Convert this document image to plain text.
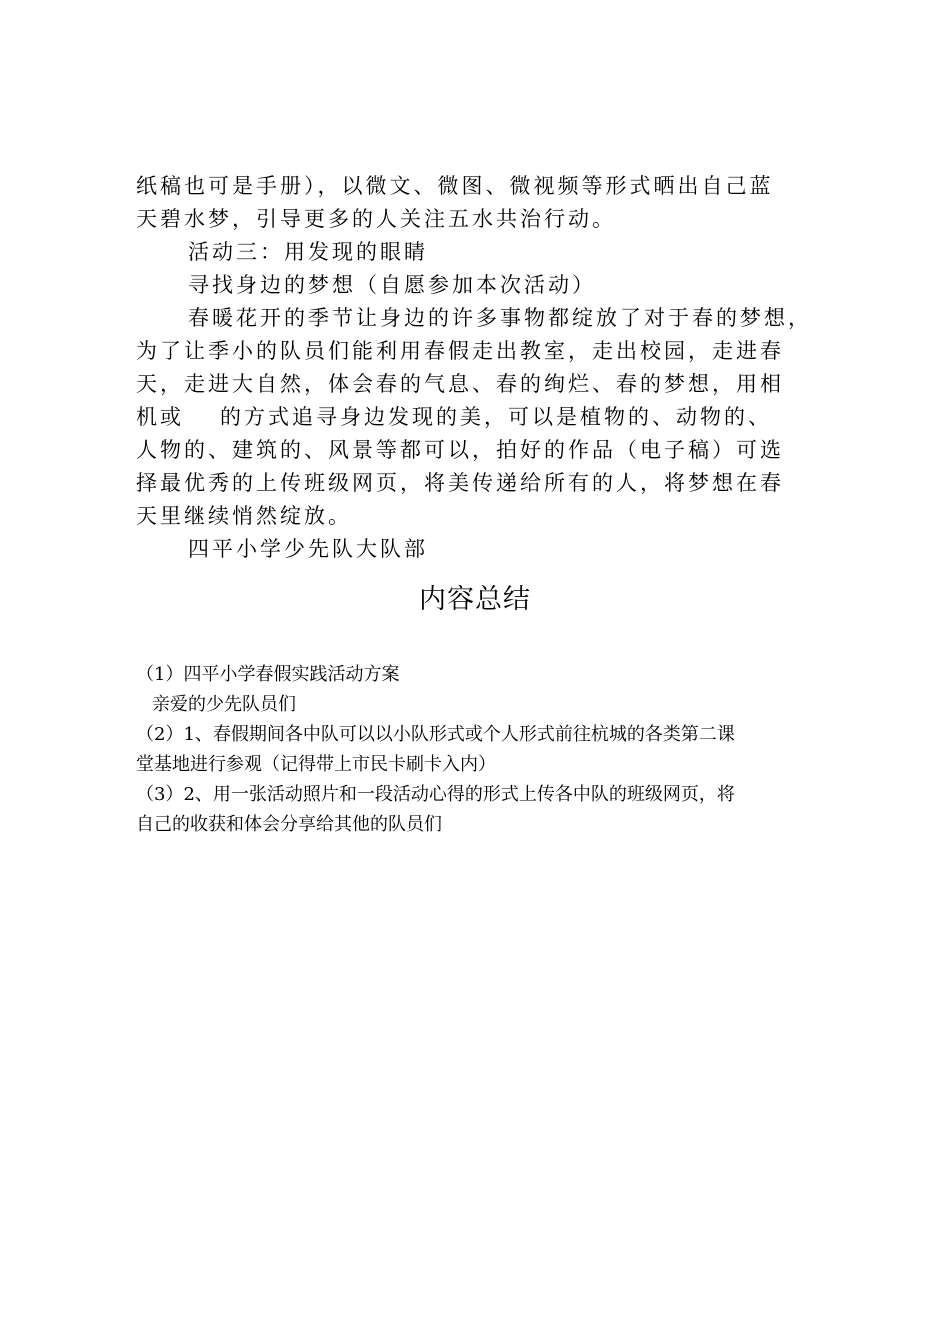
纸稿也可是手册），以微文、微图、微视频等形式晒出自己蓝
天碧水梦，引导更多的人关注五水共治行动。
活动三：用发现的眼睛
寻找身边的梦想（自愿参加本次活动）
春暖花开的季节让身边的许多事物都绽放了对于春的梦想，
为了让季小的队员们能利用春假走出教室，走出校园，走进春
天，走进大自然，体会春的气息、春的绚烂、春的梦想，用相
机或 的方式追寻身边发现的美，可以是植物的、动物的、
人物的、建筑的、风景等都可以，拍好的作品（电子稿）可选
择最优秀的上传班级网页，将美传递给所有的人，将梦想在春
天里继续悄然绽放。
四平小学少先队大队部
内容总结
（1）四平小学春假实践活动方案
亲爱的少先队员们
（2）1、春假期间各中队可以以小队形式或个人形式前往杭城的各类第二课
堂基地进行参观（记得带上市民卡刷卡入内）
（3）2、用一张活动照片和一段活动心得的形式上传各中队的班级网页，将
自己的收获和体会分享给其他的队员们
